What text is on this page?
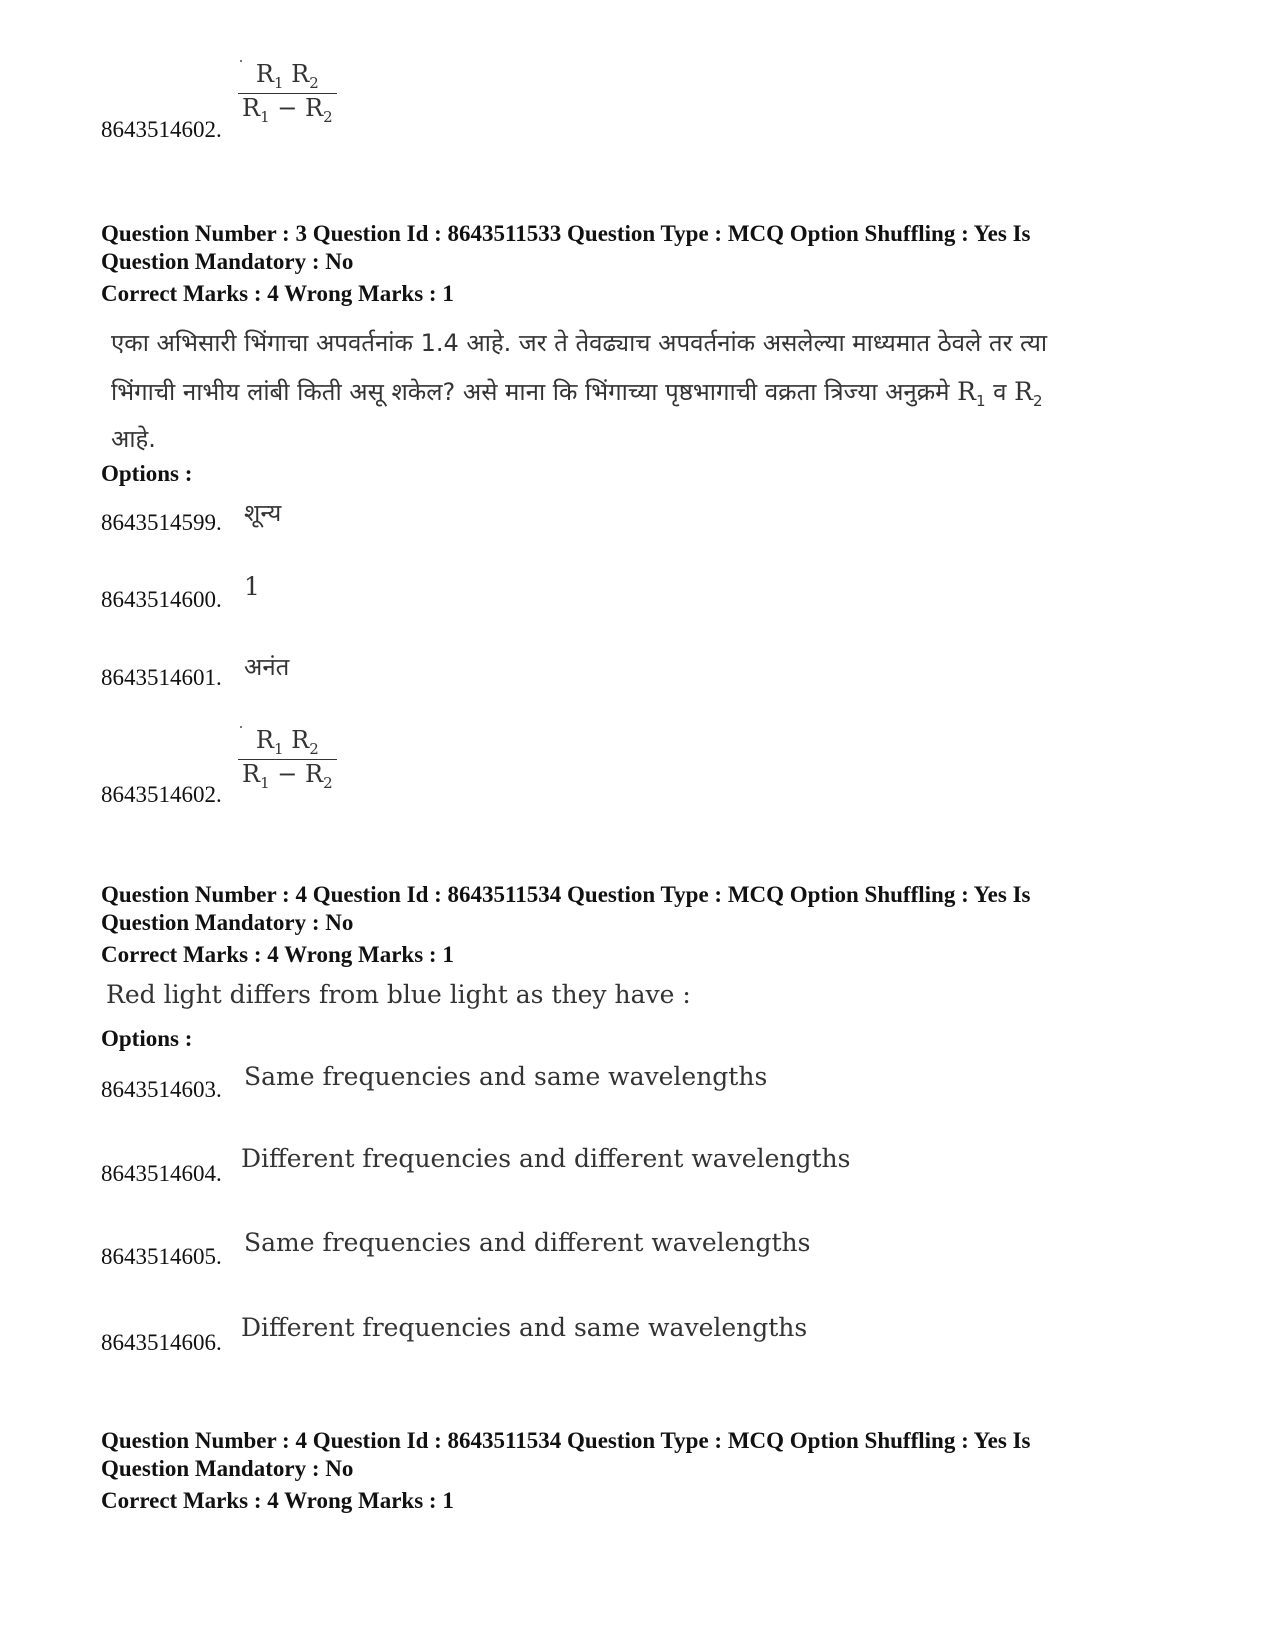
$\frac{R_1 R_2}{R_1 - R_2}$
8643514602.
Question Number : 3 Question Id : 8643511533 Question Type : MCQ Option Shuffling : Yes Is
Question Mandatory : No
Correct Marks : 4 Wrong Marks : 1
एका अभिसारी भिंगाचा अपवर्तनांक 1.4 आहे. जर ते तेवढ्याच अपवर्तनांक असलेल्या माध्यमात ठेवले तर त्या
भिंगाची नाभीय लांबी किती असू शकेल? असे माना कि भिंगाच्या पृष्ठभागाची वक्रता त्रिज्या अनुक्रमे $R_1$ व $R_2$
आहे.
Options :
शून्य
8643514599.
1
8643514600.
अनंत
8643514601.
$\frac{R_1 R_2}{R_1 - R_2}$
8643514602.
Question Number : 4 Question Id : 8643511534 Question Type : MCQ Option Shuffling : Yes Is
Question Mandatory : No
Correct Marks : 4 Wrong Marks : 1
Red light differs from blue light as they have :
Options :
Same frequencies and same wavelengths
8643514603.
Different frequencies and different wavelengths
8643514604.
Same frequencies and different wavelengths
8643514605.
Different frequencies and same wavelengths
8643514606.
Question Number : 4 Question Id : 8643511534 Question Type : MCQ Option Shuffling : Yes Is
Question Mandatory : No
Correct Marks : 4 Wrong Marks : 1
